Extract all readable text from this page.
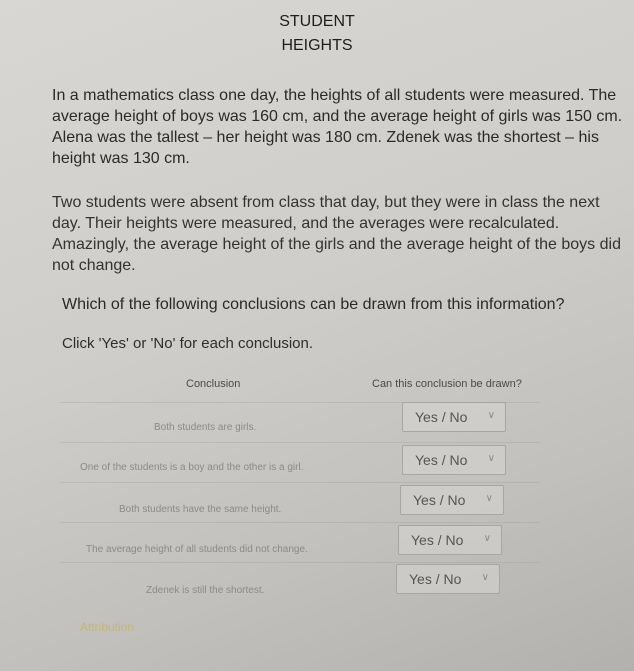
STUDENT
HEIGHTS

In a mathematics class one day, the heights of all students were measured. The average height of boys was 160 cm, and the average height of girls was 150 cm. Alena was the tallest – her height was 180 cm. Zdenek was the shortest – his height was 130 cm.

Two students were absent from class that day, but they were in class the next day. Their heights were measured, and the averages were recalculated. Amazingly, the average height of the girls and the average height of the boys did not change.

Which of the following conclusions can be drawn from this information?

Click 'Yes' or 'No' for each conclusion.

Conclusion	Can this conclusion be drawn?
Both students are girls.
Yes / No ∨
One of the students is a boy and the other is a girl.	Yes / No ∨
Both students have the same height.
Yes / No ∨
The average height of all students did not change.
Yes / No ∨
Zdenek is still the shortest.
Yes / No ∨
Attribution
